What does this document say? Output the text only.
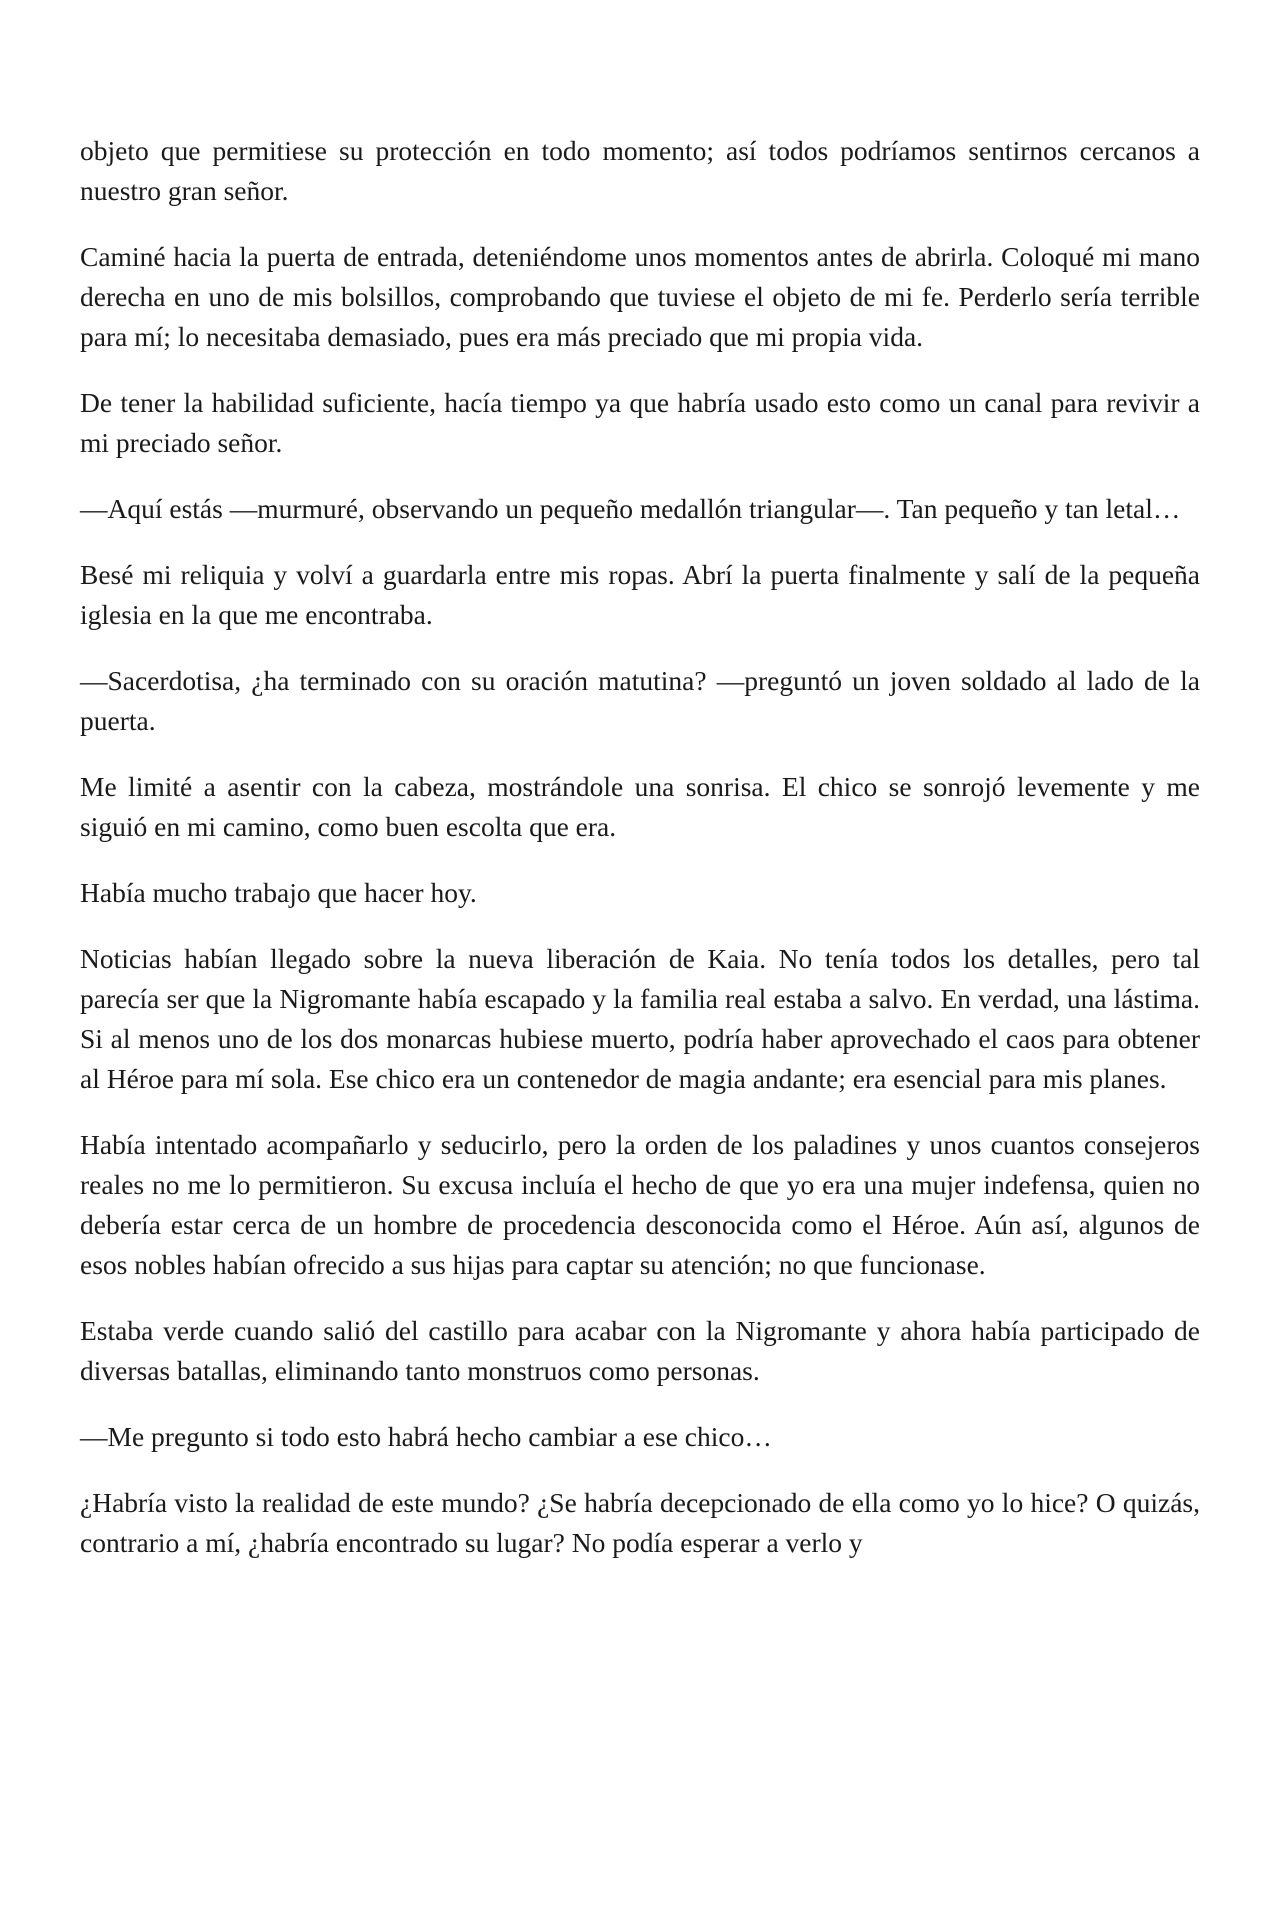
objeto que permitiese su protección en todo momento; así todos podríamos sentirnos cercanos a nuestro gran señor.

Caminé hacia la puerta de entrada, deteniéndome unos momentos antes de abrirla. Coloqué mi mano derecha en uno de mis bolsillos, comprobando que tuviese el objeto de mi fe. Perderlo sería terrible para mí; lo necesitaba demasiado, pues era más preciado que mi propia vida.

De tener la habilidad suficiente, hacía tiempo ya que habría usado esto como un canal para revivir a mi preciado señor.

—Aquí estás —murmuré, observando un pequeño medallón triangular—. Tan pequeño y tan letal…

Besé mi reliquia y volví a guardarla entre mis ropas. Abrí la puerta finalmente y salí de la pequeña iglesia en la que me encontraba.

—Sacerdotisa, ¿ha terminado con su oración matutina? —preguntó un joven soldado al lado de la puerta.

Me limité a asentir con la cabeza, mostrándole una sonrisa. El chico se sonrojó levemente y me siguió en mi camino, como buen escolta que era.

Había mucho trabajo que hacer hoy.

Noticias habían llegado sobre la nueva liberación de Kaia. No tenía todos los detalles, pero tal parecía ser que la Nigromante había escapado y la familia real estaba a salvo. En verdad, una lástima. Si al menos uno de los dos monarcas hubiese muerto, podría haber aprovechado el caos para obtener al Héroe para mí sola. Ese chico era un contenedor de magia andante; era esencial para mis planes.

Había intentado acompañarlo y seducirlo, pero la orden de los paladines y unos cuantos consejeros reales no me lo permitieron. Su excusa incluía el hecho de que yo era una mujer indefensa, quien no debería estar cerca de un hombre de procedencia desconocida como el Héroe. Aún así, algunos de esos nobles habían ofrecido a sus hijas para captar su atención; no que funcionase.

Estaba verde cuando salió del castillo para acabar con la Nigromante y ahora había participado de diversas batallas, eliminando tanto monstruos como personas.

—Me pregunto si todo esto habrá hecho cambiar a ese chico…

¿Habría visto la realidad de este mundo? ¿Se habría decepcionado de ella como yo lo hice? O quizás, contrario a mí, ¿habría encontrado su lugar? No podía esperar a verlo y
